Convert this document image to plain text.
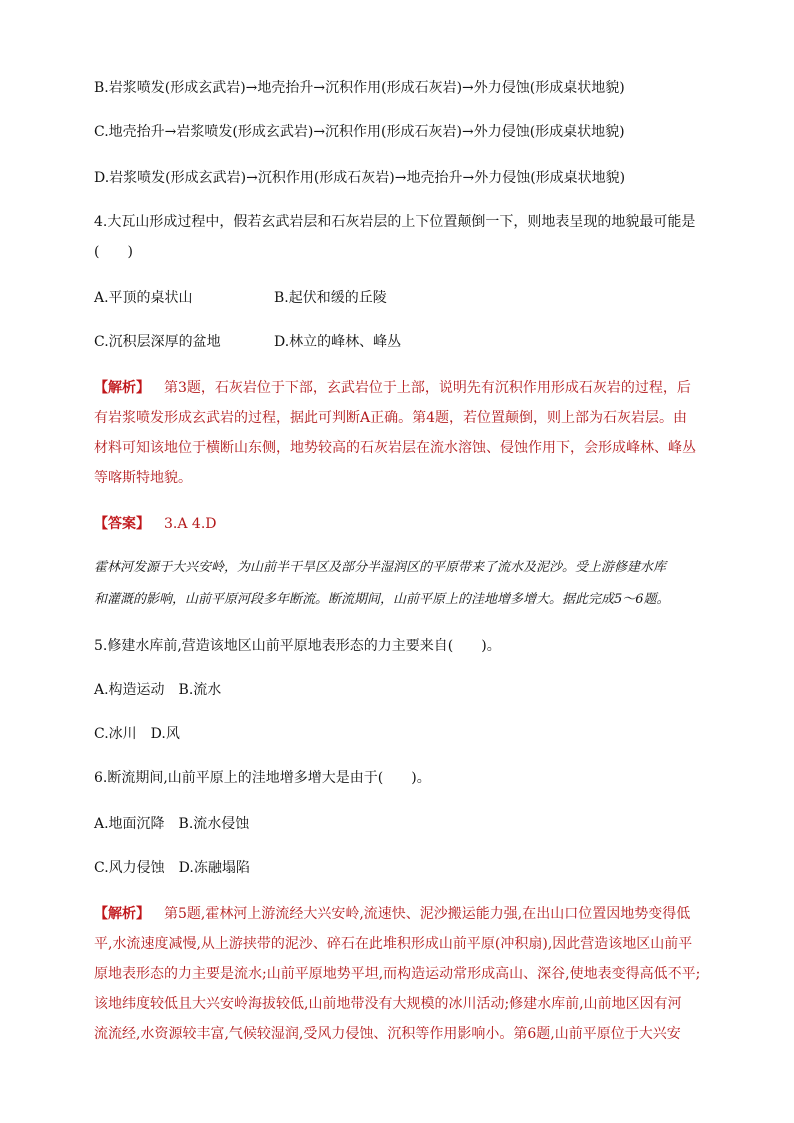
B.岩浆喷发(形成玄武岩)→地壳抬升→沉积作用(形成石灰岩)→外力侵蚀(形成桌状地貌)
C.地壳抬升→岩浆喷发(形成玄武岩)→沉积作用(形成石灰岩)→外力侵蚀(形成桌状地貌)
D.岩浆喷发(形成玄武岩)→沉积作用(形成石灰岩)→地壳抬升→外力侵蚀(形成桌状地貌)
4.大瓦山形成过程中，假若玄武岩层和石灰岩层的上下位置颠倒一下，则地表呈现的地貌最可能是
(　　)
A.平顶的桌状山	B.起伏和缓的丘陵
C.沉积层深厚的盆地	D.林立的峰林、峰丛
【解析】 第3题，石灰岩位于下部，玄武岩位于上部，说明先有沉积作用形成石灰岩的过程，后
有岩浆喷发形成玄武岩的过程，据此可判断A正确。第4题，若位置颠倒，则上部为石灰岩层。由
材料可知该地位于横断山东侧，地势较高的石灰岩层在流水溶蚀、侵蚀作用下，会形成峰林、峰丛
等喀斯特地貌。
【答案】 3.A 4.D
霍林河发源于大兴安岭，为山前半干旱区及部分半湿润区的平原带来了流水及泥沙。受上游修建水库
和灌溉的影响，山前平原河段多年断流。断流期间，山前平原上的洼地增多增大。据此完成5～6题。
5.修建水库前,营造该地区山前平原地表形态的力主要来自(　　)。
A.构造运动　B.流水
C.冰川　D.风
6.断流期间,山前平原上的洼地增多增大是由于(　　)。
A.地面沉降　B.流水侵蚀
C.风力侵蚀　D.冻融塌陷
【解析】 第5题,霍林河上游流经大兴安岭,流速快、泥沙搬运能力强,在出山口位置因地势变得低
平,水流速度减慢,从上游挟带的泥沙、碎石在此堆积形成山前平原(冲积扇),因此营造该地区山前平
原地表形态的力主要是流水;山前平原地势平坦,而构造运动常形成高山、深谷,使地表变得高低不平;
该地纬度较低且大兴安岭海拔较低,山前地带没有大规模的冰川活动;修建水库前,山前地区因有河
流流经,水资源较丰富,气候较湿润,受风力侵蚀、沉积等作用影响小。第6题,山前平原位于大兴安
